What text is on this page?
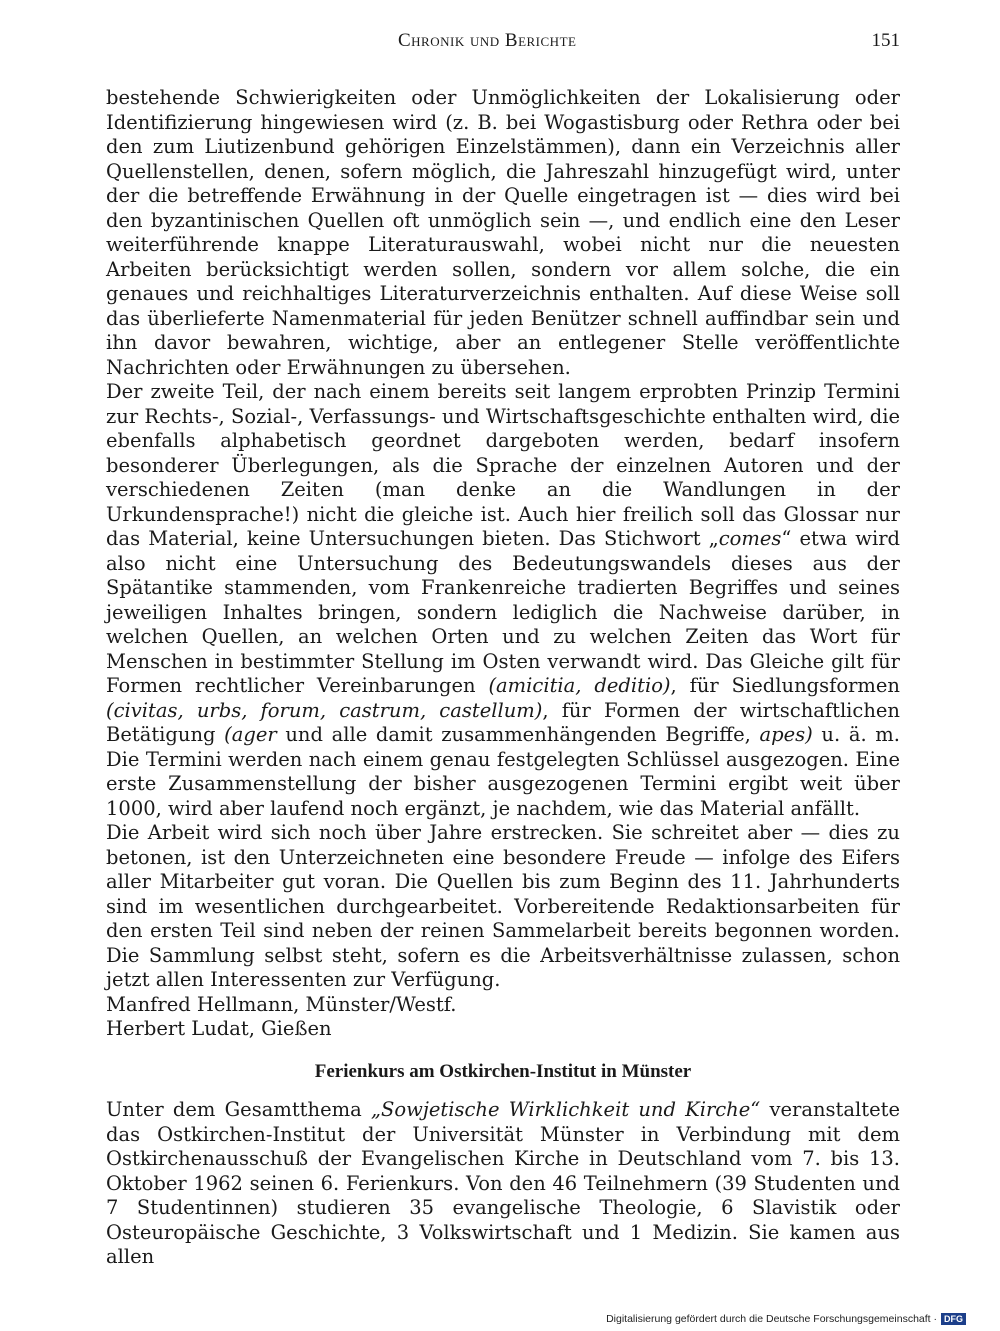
Chronik und Berichte	151

bestehende Schwierigkeiten oder Unmöglichkeiten der Lokalisierung oder Identifizierung hingewiesen wird (z. B. bei Wogastisburg oder Rethra oder bei den zum Liutizenbund gehörigen Einzelstämmen), dann ein Verzeichnis aller Quellenstellen, denen, sofern möglich, die Jahreszahl hinzugefügt wird, unter der die betreffende Erwähnung in der Quelle eingetragen ist — dies wird bei den byzantinischen Quellen oft unmöglich sein —, und endlich eine den Leser weiterführende knappe Literaturauswahl, wobei nicht nur die neuesten Arbeiten berücksichtigt werden sollen, sondern vor allem solche, die ein genaues und reichhaltiges Literaturverzeichnis enthalten. Auf diese Weise soll das überlieferte Namenmaterial für jeden Benützer schnell auffindbar sein und ihn davor bewahren, wichtige, aber an entlegener Stelle veröffentlichte Nachrichten oder Erwähnungen zu übersehen.

Der zweite Teil, der nach einem bereits seit langem erprobten Prinzip Termini zur Rechts-, Sozial-, Verfassungs- und Wirtschaftsgeschichte enthalten wird, die ebenfalls alphabetisch geordnet dargeboten werden, bedarf insofern besonderer Überlegungen, als die Sprache der einzelnen Autoren und der verschiedenen Zeiten (man denke an die Wandlungen in der Urkundensprache!) nicht die gleiche ist. Auch hier freilich soll das Glossar nur das Material, keine Untersuchungen bieten. Das Stichwort „comes“ etwa wird also nicht eine Untersuchung des Bedeutungswandels dieses aus der Spätantike stammenden, vom Frankenreiche tradierten Begriffes und seines jeweiligen Inhaltes bringen, sondern lediglich die Nachweise darüber, in welchen Quellen, an welchen Orten und zu welchen Zeiten das Wort für Menschen in bestimmter Stellung im Osten verwandt wird. Das Gleiche gilt für Formen rechtlicher Vereinbarungen (amicitia, deditio), für Siedlungsformen (civitas, urbs, forum, castrum, castellum), für Formen der wirtschaftlichen Betätigung (ager und alle damit zusammenhängenden Begriffe, apes) u. ä. m. Die Termini werden nach einem genau festgelegten Schlüssel ausgezogen. Eine erste Zusammenstellung der bisher ausgezogenen Termini ergibt weit über 1000, wird aber laufend noch ergänzt, je nachdem, wie das Material anfällt.

Die Arbeit wird sich noch über Jahre erstrecken. Sie schreitet aber — dies zu betonen, ist den Unterzeichneten eine besondere Freude — infolge des Eifers aller Mitarbeiter gut voran. Die Quellen bis zum Beginn des 11. Jahrhunderts sind im wesentlichen durchgearbeitet. Vorbereitende Redaktionsarbeiten für den ersten Teil sind neben der reinen Sammelarbeit bereits begonnen worden. Die Sammlung selbst steht, sofern es die Arbeitsverhältnisse zulassen, schon jetzt allen Interessenten zur Verfügung.

Manfred Hellmann, Münster/Westf.

Herbert Ludat, Gießen

Ferienkurs am Ostkirchen-Institut in Münster

Unter dem Gesamtthema „Sowjetische Wirklichkeit und Kirche“ veranstaltete das Ostkirchen-Institut der Universität Münster in Verbindung mit dem Ostkirchenausschuß der Evangelischen Kirche in Deutschland vom 7. bis 13. Oktober 1962 seinen 6. Ferienkurs. Von den 46 Teilnehmern (39 Studenten und 7 Studentinnen) studieren 35 evangelische Theologie, 6 Slavistik oder Osteuropäische Geschichte, 3 Volkswirtschaft und 1 Medizin. Sie kamen aus allen

Digitalisierung gefördert durch die Deutsche Forschungsgemeinschaft · DFG
